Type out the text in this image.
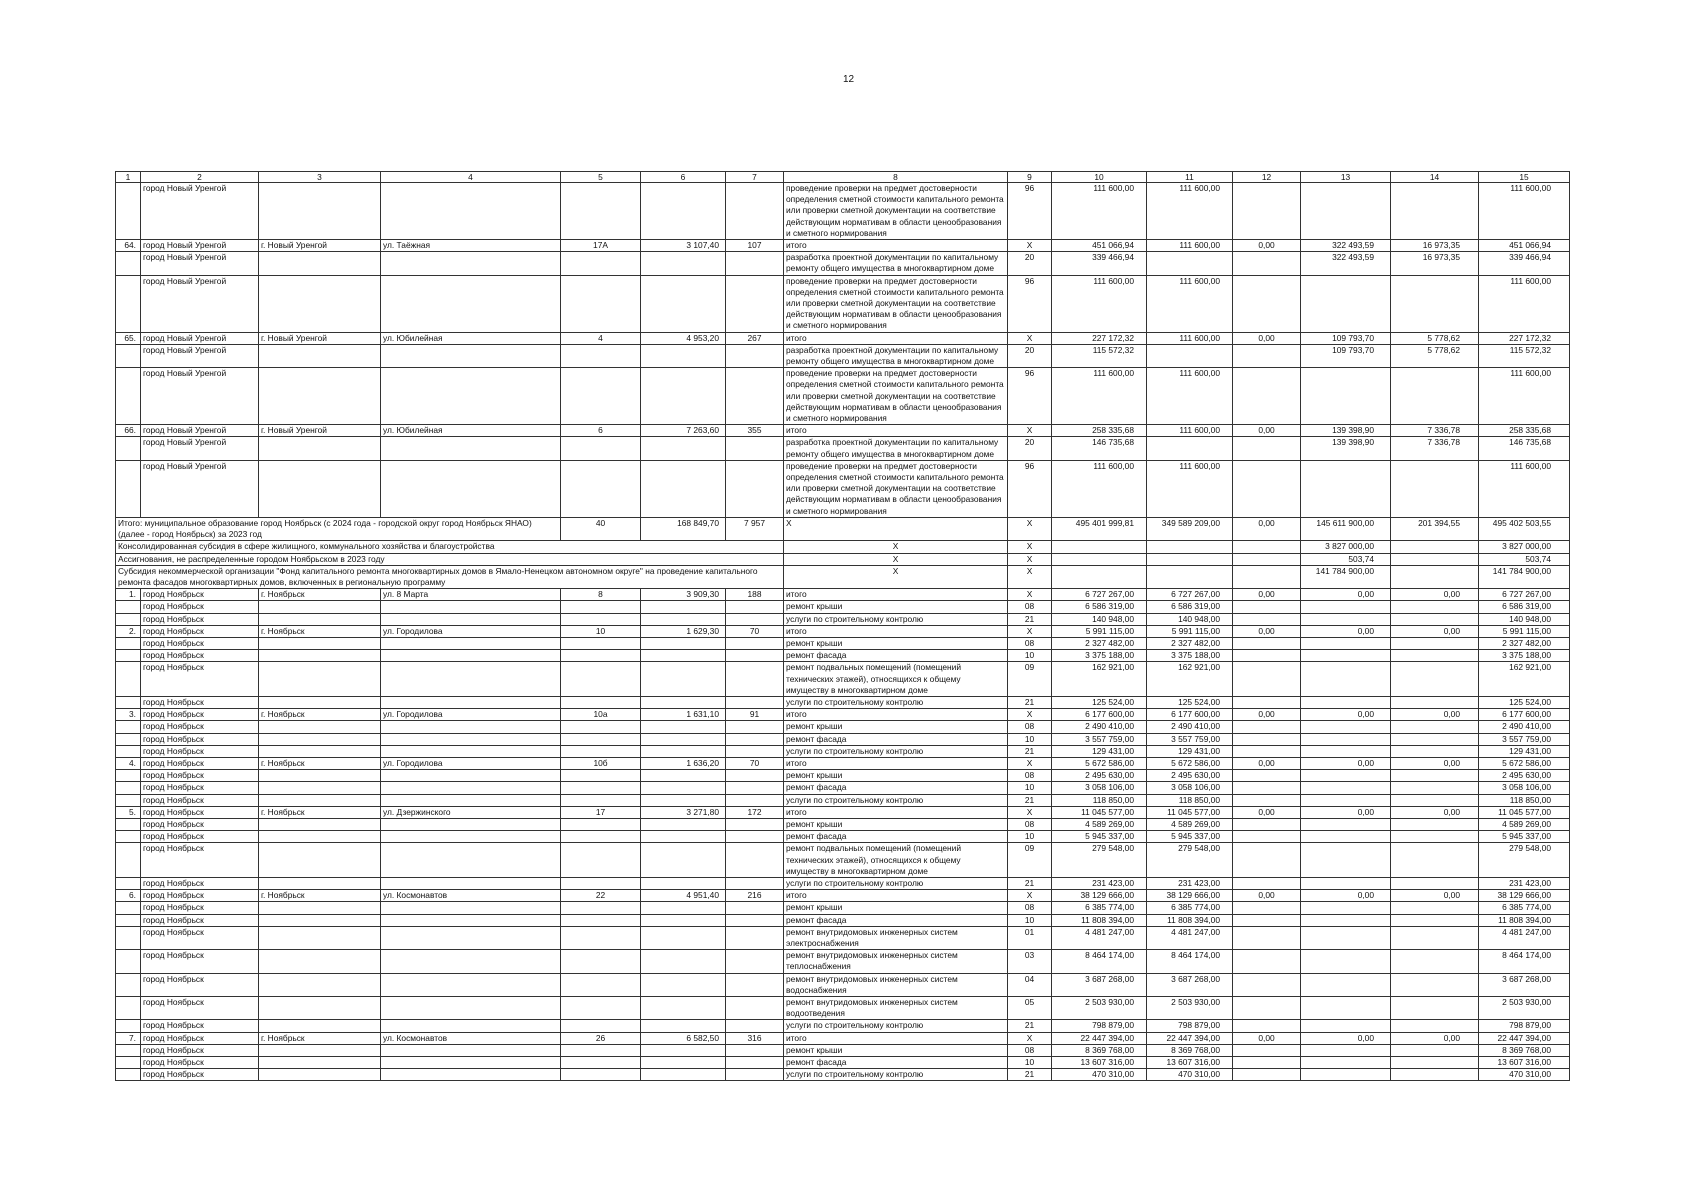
12
1	2	3	4	5	6	7	8	9	10	11	12	13	14	15
	город Новый Уренгой						проведение проверки на предмет достоверности определения сметной стоимости капитального ремонта или проверки сметной документации на соответствие действующим нормативам в области ценообразования и сметного нормирования	96	111 600,00	111 600,00				111 600,00
64.	город Новый Уренгой	г. Новый Уренгой	ул. Таёжная	17А	3 107,40	107	итого	X	451 066,94	111 600,00	0,00	322 493,59	16 973,35	451 066,94
	город Новый Уренгой						разработка проектной документации по капитальному ремонту общего имущества в многоквартирном доме	20	339 466,94			322 493,59	16 973,35	339 466,94
	город Новый Уренгой						проведение проверки на предмет достоверности определения сметной стоимости капитального ремонта или проверки сметной документации на соответствие действующим нормативам в области ценообразования и сметного нормирования	96	111 600,00	111 600,00				111 600,00
65.	город Новый Уренгой	г. Новый Уренгой	ул. Юбилейная	4	4 953,20	267	итого	X	227 172,32	111 600,00	0,00	109 793,70	5 778,62	227 172,32
	город Новый Уренгой						разработка проектной документации по капитальному ремонту общего имущества в многоквартирном доме	20	115 572,32			109 793,70	5 778,62	115 572,32
	город Новый Уренгой						проведение проверки на предмет достоверности определения сметной стоимости капитального ремонта или проверки сметной документации на соответствие действующим нормативам в области ценообразования и сметного нормирования	96	111 600,00	111 600,00				111 600,00
66.	город Новый Уренгой	г. Новый Уренгой	ул. Юбилейная	6	7 263,60	355	итого	X	258 335,68	111 600,00	0,00	139 398,90	7 336,78	258 335,68
	город Новый Уренгой						разработка проектной документации по капитальному ремонту общего имущества в многоквартирном доме	20	146 735,68			139 398,90	7 336,78	146 735,68
	город Новый Уренгой						проведение проверки на предмет достоверности определения сметной стоимости капитального ремонта или проверки сметной документации на соответствие действующим нормативам в области ценообразования и сметного нормирования	96	111 600,00	111 600,00				111 600,00
Итого: муниципальное образование город Ноябрьск (с 2024 года - городской округ город Ноябрьск ЯНАО) (далее - город Ноябрьск) за 2023 год				40	168 849,70	7 957	X	X	495 401 999,81	349 589 209,00	0,00	145 611 900,00	201 394,55	495 402 503,55
Консолидированная субсидия в сфере жилищного, коммунального хозяйства и благоустройства							X	X				3 827 000,00		3 827 000,00
Ассигнования, не распределенные городом Ноябрьском в 2023 году							X	X				503,74		503,74
Субсидия некоммерческой организации "Фонд капитального ремонта многоквартирных домов в Ямало-Ненецком автономном округе" на проведение капитального ремонта фасадов многоквартирных домов, включенных в региональную программу							X	X				141 784 900,00		141 784 900,00
1.	город Ноябрьск	г. Ноябрьск	ул. 8 Марта	8	3 909,30	188	итого	X	6 727 267,00	6 727 267,00	0,00	0,00	0,00	6 727 267,00
	город Ноябрьск						ремонт крыши	08	6 586 319,00	6 586 319,00				6 586 319,00
	город Ноябрьск						услуги по строительному контролю	21	140 948,00	140 948,00				140 948,00
2.	город Ноябрьск	г. Ноябрьск	ул. Городилова	10	1 629,30	70	итого	X	5 991 115,00	5 991 115,00	0,00	0,00	0,00	5 991 115,00
	город Ноябрьск						ремонт крыши	08	2 327 482,00	2 327 482,00				2 327 482,00
	город Ноябрьск						ремонт фасада	10	3 375 188,00	3 375 188,00				3 375 188,00
	город Ноябрьск						ремонт подвальных помещений (помещений технических этажей), относящихся к общему имуществу в многоквартирном доме	09	162 921,00	162 921,00				162 921,00
	город Ноябрьск						услуги по строительному контролю	21	125 524,00	125 524,00				125 524,00
3.	город Ноябрьск	г. Ноябрьск	ул. Городилова	10а	1 631,10	91	итого	X	6 177 600,00	6 177 600,00	0,00	0,00	0,00	6 177 600,00
	город Ноябрьск						ремонт крыши	08	2 490 410,00	2 490 410,00				2 490 410,00
	город Ноябрьск						ремонт фасада	10	3 557 759,00	3 557 759,00				3 557 759,00
	город Ноябрьск						услуги по строительному контролю	21	129 431,00	129 431,00				129 431,00
4.	город Ноябрьск	г. Ноябрьск	ул. Городилова	10б	1 636,20	70	итого	X	5 672 586,00	5 672 586,00	0,00	0,00	0,00	5 672 586,00
	город Ноябрьск						ремонт крыши	08	2 495 630,00	2 495 630,00				2 495 630,00
	город Ноябрьск						ремонт фасада	10	3 058 106,00	3 058 106,00				3 058 106,00
	город Ноябрьск						услуги по строительному контролю	21	118 850,00	118 850,00				118 850,00
5.	город Ноябрьск	г. Ноябрьск	ул. Дзержинского	17	3 271,80	172	итого	X	11 045 577,00	11 045 577,00	0,00	0,00	0,00	11 045 577,00
	город Ноябрьск						ремонт крыши	08	4 589 269,00	4 589 269,00				4 589 269,00
	город Ноябрьск						ремонт фасада	10	5 945 337,00	5 945 337,00				5 945 337,00
	город Ноябрьск						ремонт подвальных помещений (помещений технических этажей), относящихся к общему имуществу в многоквартирном доме	09	279 548,00	279 548,00				279 548,00
	город Ноябрьск						услуги по строительному контролю	21	231 423,00	231 423,00				231 423,00
6.	город Ноябрьск	г. Ноябрьск	ул. Космонавтов	22	4 951,40	216	итого	X	38 129 666,00	38 129 666,00	0,00	0,00	0,00	38 129 666,00
	город Ноябрьск						ремонт крыши	08	6 385 774,00	6 385 774,00				6 385 774,00
	город Ноябрьск						ремонт фасада	10	11 808 394,00	11 808 394,00				11 808 394,00
	город Ноябрьск						ремонт внутридомовых инженерных систем электроснабжения	01	4 481 247,00	4 481 247,00				4 481 247,00
	город Ноябрьск						ремонт внутридомовых инженерных систем теплоснабжения	03	8 464 174,00	8 464 174,00				8 464 174,00
	город Ноябрьск						ремонт внутридомовых инженерных систем водоснабжения	04	3 687 268,00	3 687 268,00				3 687 268,00
	город Ноябрьск						ремонт внутридомовых инженерных систем водоотведения	05	2 503 930,00	2 503 930,00				2 503 930,00
	город Ноябрьск						услуги по строительному контролю	21	798 879,00	798 879,00				798 879,00
7.	город Ноябрьск	г. Ноябрьск	ул. Космонавтов	26	6 582,50	316	итого	X	22 447 394,00	22 447 394,00	0,00	0,00	0,00	22 447 394,00
	город Ноябрьск						ремонт крыши	08	8 369 768,00	8 369 768,00				8 369 768,00
	город Ноябрьск						ремонт фасада	10	13 607 316,00	13 607 316,00				13 607 316,00
	город Ноябрьск						услуги по строительному контролю	21	470 310,00	470 310,00				470 310,00
